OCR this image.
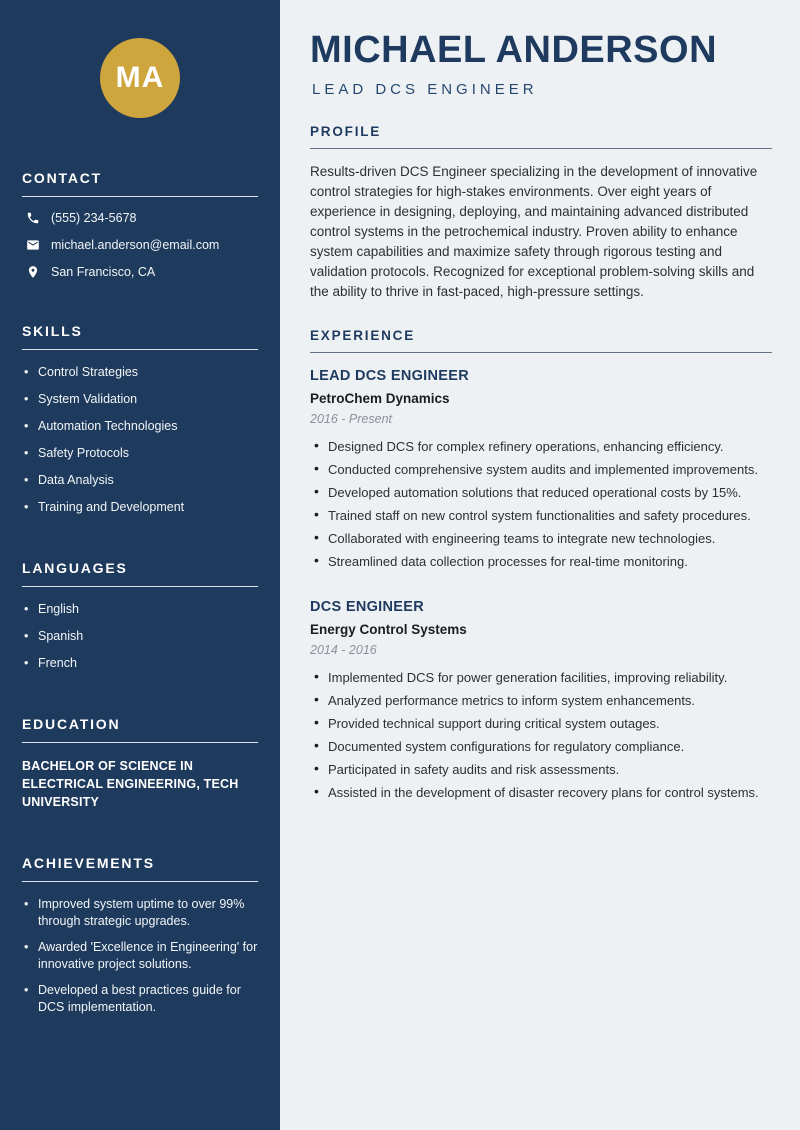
MA
CONTACT
(555) 234-5678
michael.anderson@email.com
San Francisco, CA
SKILLS
• Control Strategies
• System Validation
• Automation Technologies
• Safety Protocols
• Data Analysis
• Training and Development
LANGUAGES
• English
• Spanish
• French
EDUCATION
BACHELOR OF SCIENCE IN ELECTRICAL ENGINEERING, TECH UNIVERSITY
ACHIEVEMENTS
• Improved system uptime to over 99% through strategic upgrades.
• Awarded 'Excellence in Engineering' for innovative project solutions.
• Developed a best practices guide for DCS implementation.
MICHAEL ANDERSON
LEAD DCS ENGINEER
PROFILE

Results-driven DCS Engineer specializing in the development of innovative control strategies for high-stakes environments. Over eight years of experience in designing, deploying, and maintaining advanced distributed control systems in the petrochemical industry. Proven ability to enhance system capabilities and maximize safety through rigorous testing and validation protocols. Recognized for exceptional problem-solving skills and the ability to thrive in fast-paced, high-pressure settings.

EXPERIENCE
LEAD DCS ENGINEER
PetroChem Dynamics
2016 - Present
• Designed DCS for complex refinery operations, enhancing efficiency.
• Conducted comprehensive system audits and implemented improvements.
• Developed automation solutions that reduced operational costs by 15%.
• Trained staff on new control system functionalities and safety procedures.
• Collaborated with engineering teams to integrate new technologies.
• Streamlined data collection processes for real-time monitoring.
DCS ENGINEER
Energy Control Systems
2014 - 2016
• Implemented DCS for power generation facilities, improving reliability.
• Analyzed performance metrics to inform system enhancements.
• Provided technical support during critical system outages.
• Documented system configurations for regulatory compliance.
• Participated in safety audits and risk assessments.
• Assisted in the development of disaster recovery plans for control systems.
